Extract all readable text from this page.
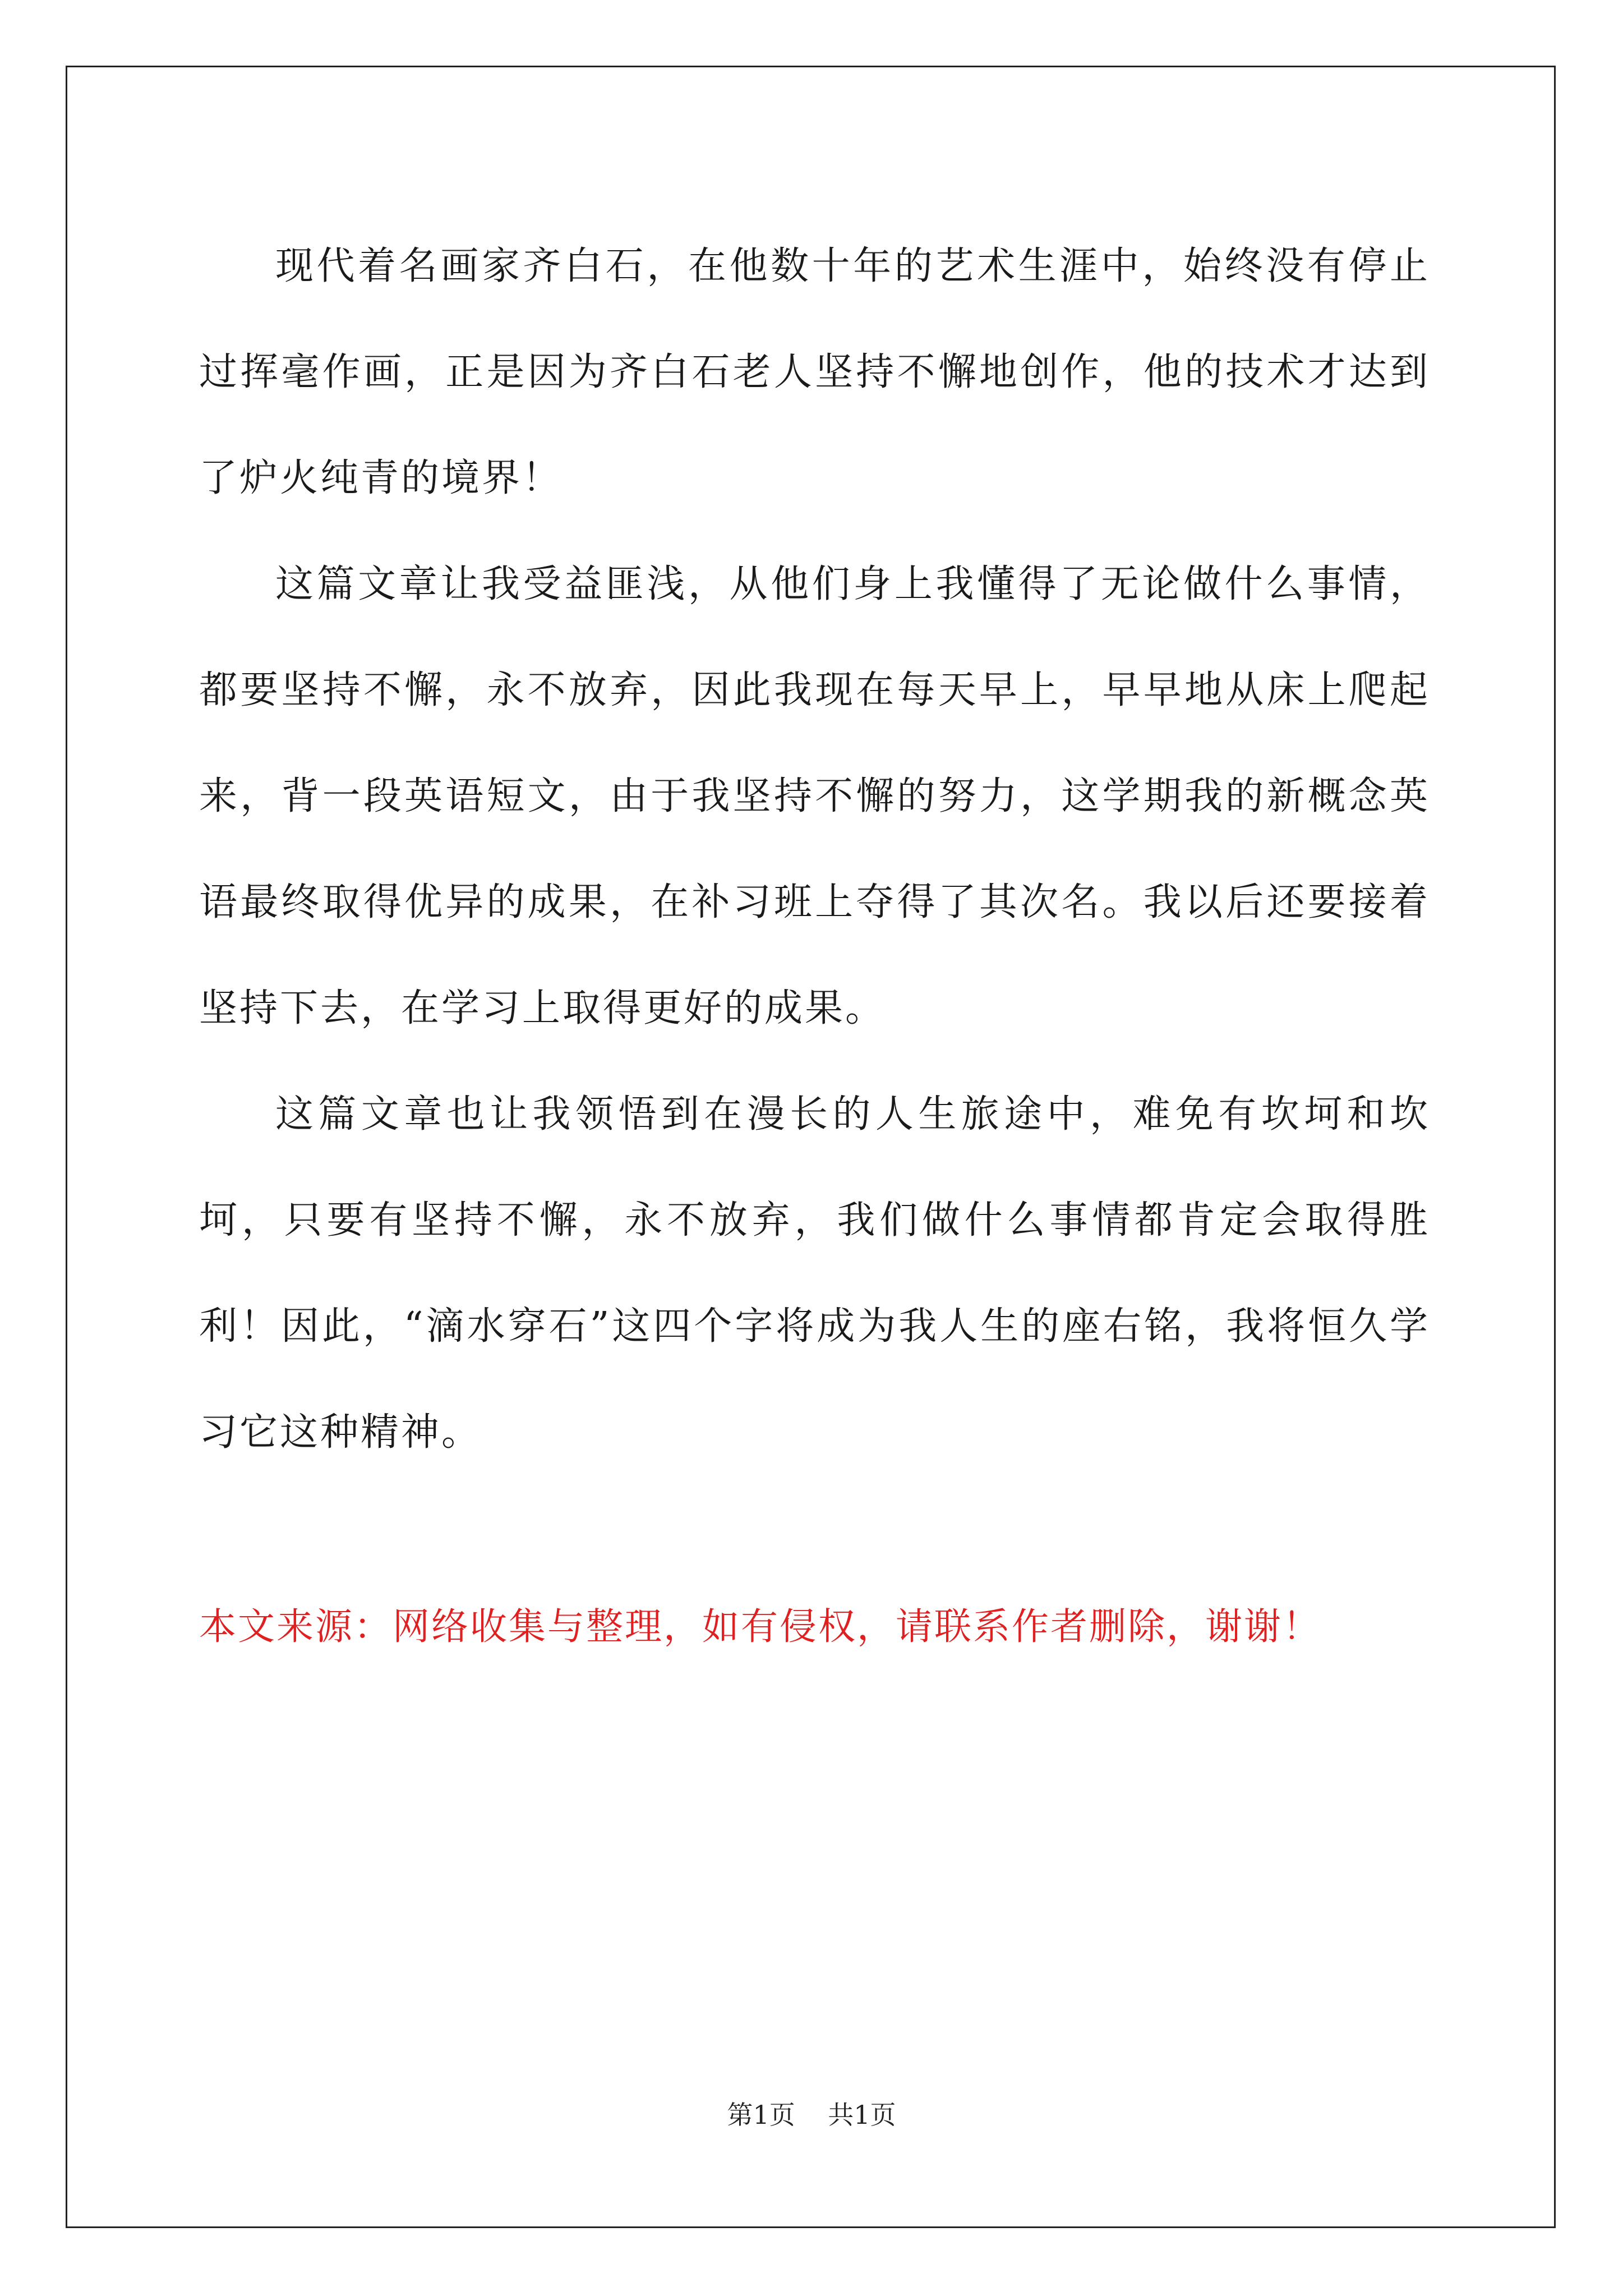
现代着名画家齐白石，在他数十年的艺术生涯中，始终没有停止过挥毫作画，正是因为齐白石老人坚持不懈地创作，他的技术才达到了炉火纯青的境界！

这篇文章让我受益匪浅，从他们身上我懂得了无论做什么事情，都要坚持不懈，永不放弃，因此我现在每天早上，早早地从床上爬起来，背一段英语短文，由于我坚持不懈的努力，这学期我的新概念英语最终取得优异的成果，在补习班上夺得了其次名。我以后还要接着坚持下去，在学习上取得更好的成果。

这篇文章也让我领悟到在漫长的人生旅途中，难免有坎坷和坎坷，只要有坚持不懈，永不放弃，我们做什么事情都肯定会取得胜利！因此，“滴水穿石”这四个字将成为我人生的座右铭，我将恒久学习它这种精神。

本文来源：网络收集与整理，如有侵权，请联系作者删除，谢谢！

第1页 共1页
